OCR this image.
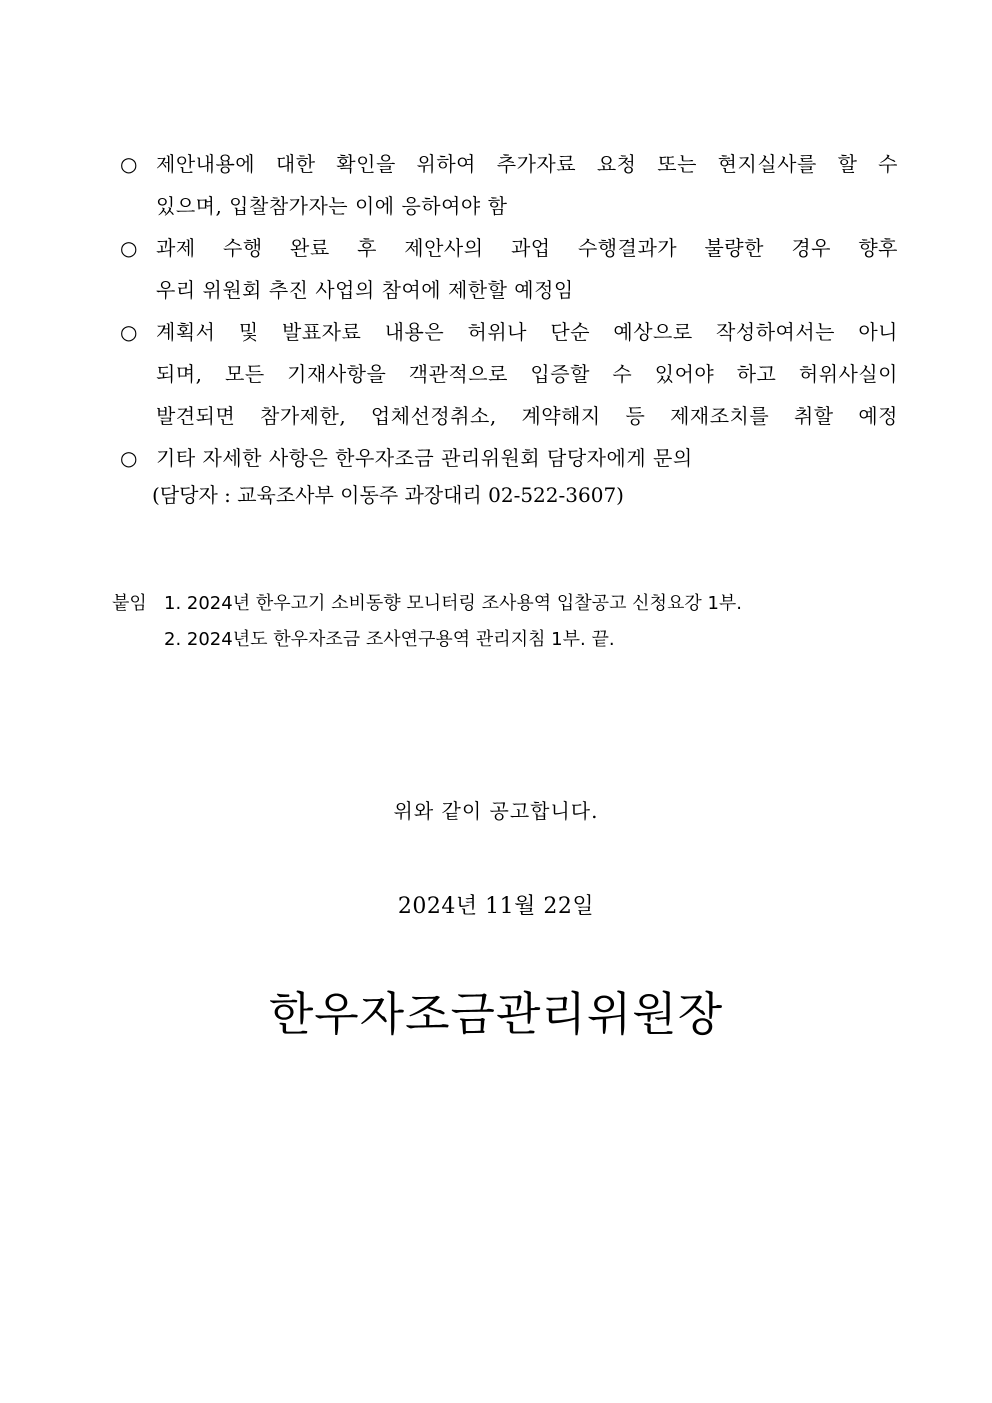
○ 제안내용에 대한 확인을 위하여 추가자료 요청 또는 현지실사를 할 수
있으며, 입찰참가자는 이에 응하여야 함
○ 과제 수행 완료 후 제안사의 과업 수행결과가 불량한 경우 향후
우리 위원회 추진 사업의 참여에 제한할 예정임
○ 계획서 및 발표자료 내용은 허위나 단순 예상으로 작성하여서는 아니
되며, 모든 기재사항을 객관적으로 입증할 수 있어야 하고 허위사실이
발견되면 참가제한, 업체선정취소, 계약해지 등 제재조치를 취할 예정
○ 기타 자세한 사항은 한우자조금 관리위원회 담당자에게 문의
(담당자 : 교육조사부 이동주 과장대리 02-522-3607)
붙임 1. 2024년 한우고기 소비동향 모니터링 조사용역 입찰공고 신청요강 1부.
2. 2024년도 한우자조금 조사연구용역 관리지침 1부. 끝.
위와 같이 공고합니다.
2024년 11월 22일
한우자조금관리위원장
